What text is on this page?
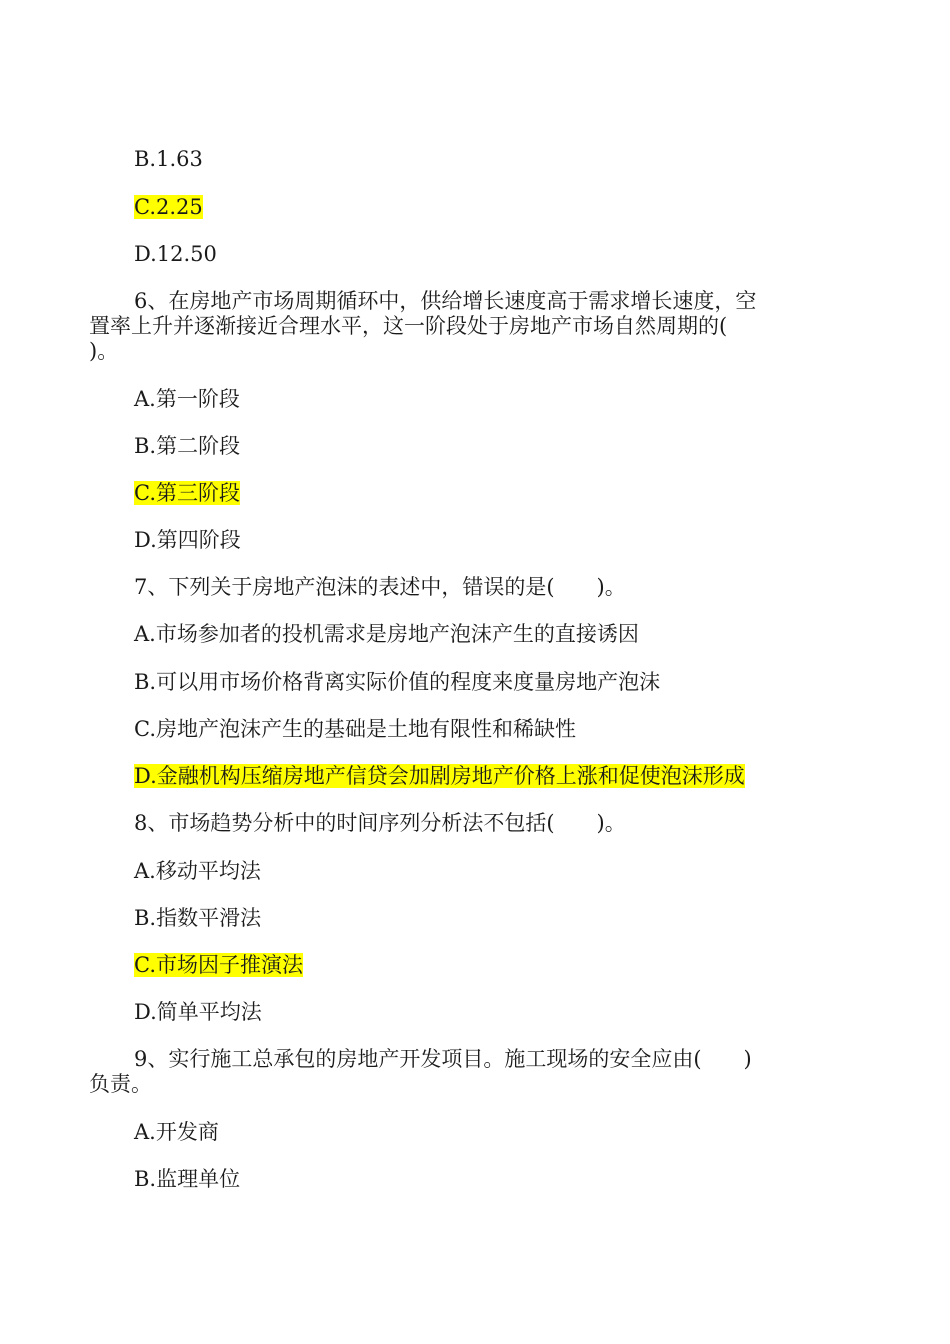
B.1.63
C.2.25
D.12.50
6、在房地产市场周期循环中，供给增长速度高于需求增长速度，空
置率上升并逐渐接近合理水平，这一阶段处于房地产市场自然周期的(
)。
A.第一阶段
B.第二阶段
C.第三阶段
D.第四阶段
7、下列关于房地产泡沫的表述中，错误的是(　　)。
A.市场参加者的投机需求是房地产泡沫产生的直接诱因
B.可以用市场价格背离实际价值的程度来度量房地产泡沫
C.房地产泡沫产生的基础是土地有限性和稀缺性
D.金融机构压缩房地产信贷会加剧房地产价格上涨和促使泡沫形成
8、市场趋势分析中的时间序列分析法不包括(　　)。
A.移动平均法
B.指数平滑法
C.市场因子推演法
D.简单平均法
9、实行施工总承包的房地产开发项目。施工现场的安全应由(　　)
负责。
A.开发商
B.监理单位
